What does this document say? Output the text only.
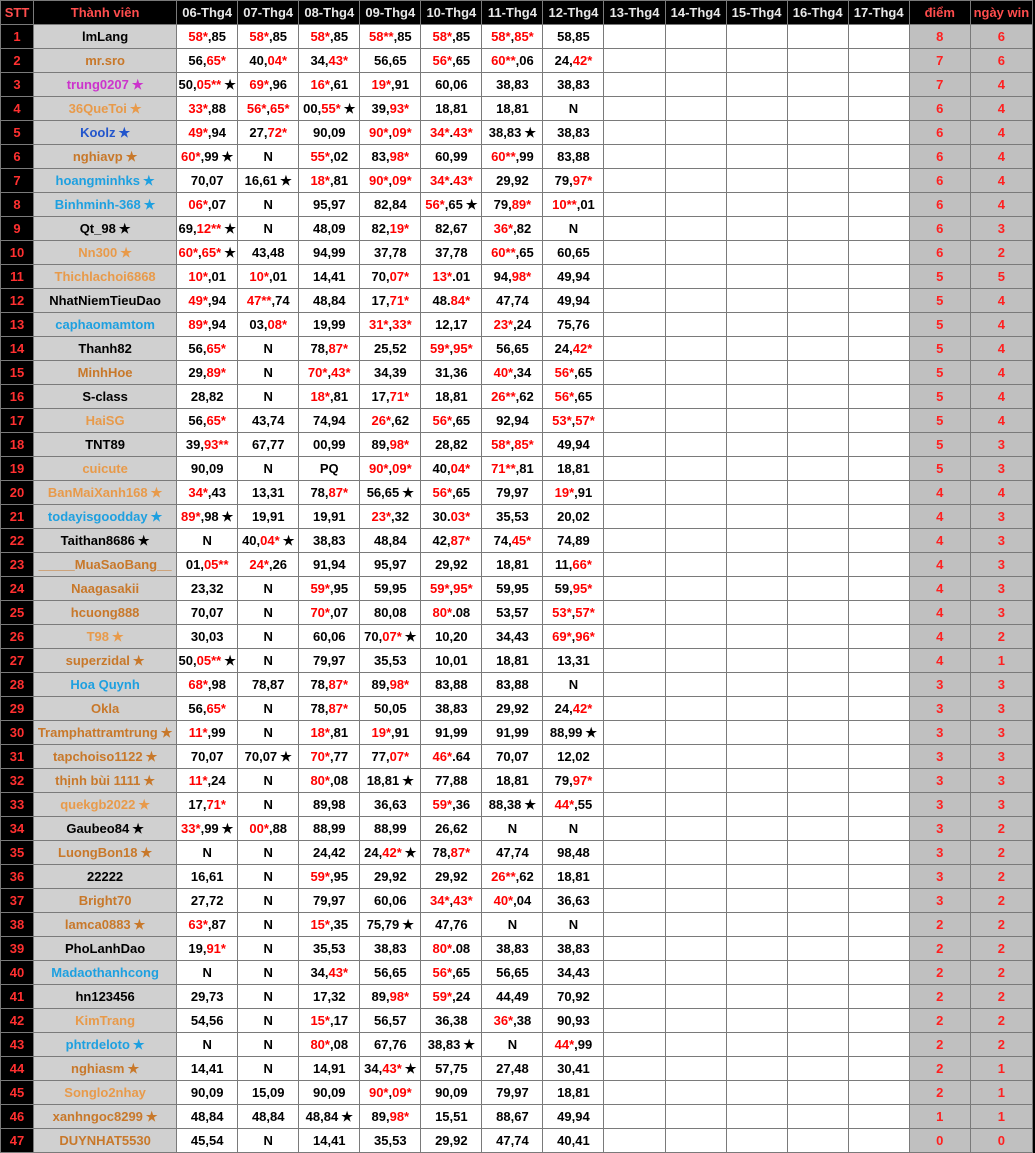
STT	Thành viên	06-Thg4	07-Thg4	08-Thg4	09-Thg4	10-Thg4	11-Thg4	12-Thg4	13-Thg4	14-Thg4	15-Thg4	16-Thg4	17-Thg4	điểm	ngày win
1	lmLang	58*,85	58*,85	58*,85	58**,85	58*,85	58*,85*	58,85						8	6
2	mr.sro	56,65*	40,04*	34,43*	56,65	56*,65	60**,06	24,42*						7	6
3	trung0207 ★	50,05** ★	69*,96	16*,61	19*,91	60,06	38,83	38,83						7	4
4	36QueToi ★	33*,88	56*,65*	00,55* ★	39,93*	18,81	18,81	N						6	4
5	Koolz ★	49*,94	27,72*	90,09	90*,09*	34*.43*	38,83 ★	38,83						6	4
6	nghiavp ★	60*,99 ★	N	55*,02	83,98*	60,99	60**,99	83,88						6	4
7	hoangminhks ★	70,07	16,61 ★	18*,81	90*,09*	34*.43*	29,92	79,97*						6	4
8	Binhminh-368 ★	06*,07	N	95,97	82,84	56*,65 ★	79,89*	10**,01						6	4
9	Qt_98 ★	69,12** ★	N	48,09	82,19*	82,67	36*,82	N						6	3
10	Nn300 ★	60*,65* ★	43,48	94,99	37,78	37,78	60**,65	60,65						6	2
11	Thichlachoi6868	10*,01	10*,01	14,41	70,07*	13*.01	94,98*	49,94						5	5
12	NhatNiemTieuDao	49*,94	47**,74	48,84	17,71*	48.84*	47,74	49,94						5	4
13	caphaomamtom	89*,94	03,08*	19,99	31*,33*	12,17	23*,24	75,76						5	4
14	Thanh82	56,65*	N	78,87*	25,52	59*,95*	56,65	24,42*						5	4
15	MinhHoe	29,89*	N	70*,43*	34,39	31,36	40*,34	56*,65						5	4
16	S-class	28,82	N	18*,81	17,71*	18,81	26**,62	56*,65						5	4
17	HaiSG	56,65*	43,74	74,94	26*,62	56*,65	92,94	53*,57*						5	4
18	TNT89	39,93**	67,77	00,99	89,98*	28,82	58*,85*	49,94						5	3
19	cuicute	90,09	N	PQ	90*,09*	40,04*	71**,81	18,81						5	3
20	BanMaiXanh168 ★	34*,43	13,31	78,87*	56,65 ★	56*,65	79,97	19*,91						4	4
21	todayisgoodday ★	89*,98 ★	19,91	19,91	23*,32	30.03*	35,53	20,02						4	3
22	Taithan8686 ★	N	40,04* ★	38,83	48,84	42,87*	74,45*	74,89						4	3
23	_____MuaSaoBang__	01,05**	24*,26	91,94	95,97	29,92	18,81	11,66*						4	3
24	Naagasakii	23,32	N	59*,95	59,95	59*,95*	59,95	59,95*						4	3
25	hcuong888	70,07	N	70*,07	80,08	80*.08	53,57	53*,57*						4	3
26	T98 ★	30,03	N	60,06	70,07* ★	10,20	34,43	69*,96*						4	2
27	superzidal ★	50,05** ★	N	79,97	35,53	10,01	18,81	13,31						4	1
28	Hoa Quynh	68*,98	78,87	78,87*	89,98*	83,88	83,88	N						3	3
29	Okla	56,65*	N	78,87*	50,05	38,83	29,92	24,42*						3	3
30	Tramphattramtrung ★	11*,99	N	18*,81	19*,91	91,99	91,99	88,99 ★						3	3
31	tapchoiso1122 ★	70,07	70,07 ★	70*,77	77,07*	46*.64	70,07	12,02						3	3
32	thịnh bùi 1111 ★	11*,24	N	80*,08	18,81 ★	77,88	18,81	79,97*						3	3
33	quekgb2022 ★	17,71*	N	89,98	36,63	59*,36	88,38 ★	44*,55						3	3
34	Gaubeo84 ★	33*,99 ★	00*,88	88,99	88,99	26,62	N	N						3	2
35	LuongBon18 ★	N	N	24,42	24,42* ★	78,87*	47,74	98,48						3	2
36	22222	16,61	N	59*,95	29,92	29,92	26**,62	18,81						3	2
37	Bright70	27,72	N	79,97	60,06	34*,43*	40*,04	36,63						3	2
38	lamca0883 ★	63*,87	N	15*,35	75,79 ★	47,76	N	N						2	2
39	PhoLanhDao	19,91*	N	35,53	38,83	80*.08	38,83	38,83						2	2
40	Madaothanhcong	N	N	34,43*	56,65	56*,65	56,65	34,43						2	2
41	hn123456	29,73	N	17,32	89,98*	59*,24	44,49	70,92						2	2
42	KimTrang	54,56	N	15*,17	56,57	36,38	36*,38	90,93						2	2
43	phtrdeloto ★	N	N	80*,08	67,76	38,83 ★	N	44*,99						2	2
44	nghiasm ★	14,41	N	14,91	34,43* ★	57,75	27,48	30,41						2	1
45	Songlo2nhay	90,09	15,09	90,09	90*,09*	90,09	79,97	18,81						2	1
46	xanhngoc8299 ★	48,84	48,84	48,84 ★	89,98*	15,51	88,67	49,94						1	1
47	DUYNHAT5530	45,54	N	14,41	35,53	29,92	47,74	40,41						0	0
